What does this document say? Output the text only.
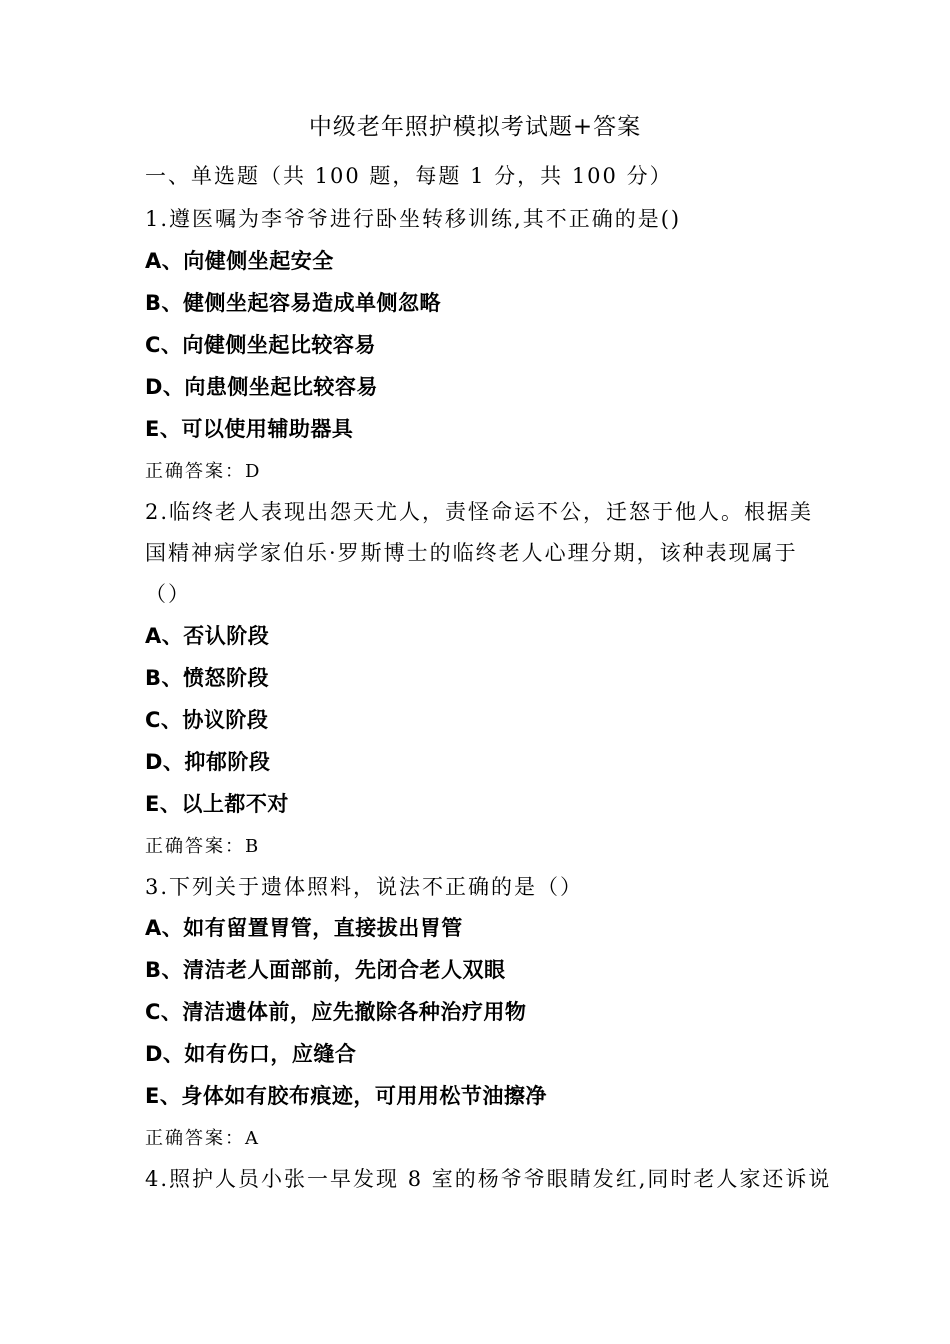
中级老年照护模拟考试题+答案
一、单选题（共 100 题，每题 1 分，共 100 分）
1.遵医嘱为李爷爷进行卧坐转移训练,其不正确的是()
A、向健侧坐起安全
B、健侧坐起容易造成单侧忽略
C、向健侧坐起比较容易
D、向患侧坐起比较容易
E、可以使用辅助器具
正确答案：D
2.临终老人表现出怨天尤人，责怪命运不公，迁怒于他人。根据美
国精神病学家伯乐·罗斯博士的临终老人心理分期，该种表现属于
（）
A、否认阶段
B、愤怒阶段
C、协议阶段
D、抑郁阶段
E、以上都不对
正确答案：B
3.下列关于遗体照料，说法不正确的是（）
A、如有留置胃管，直接拔出胃管
B、清洁老人面部前，先闭合老人双眼
C、清洁遗体前，应先撤除各种治疗用物
D、如有伤口，应缝合
E、身体如有胶布痕迹，可用用松节油擦净
正确答案：A
4.照护人员小张一早发现 8 室的杨爷爷眼睛发红,同时老人家还诉说
